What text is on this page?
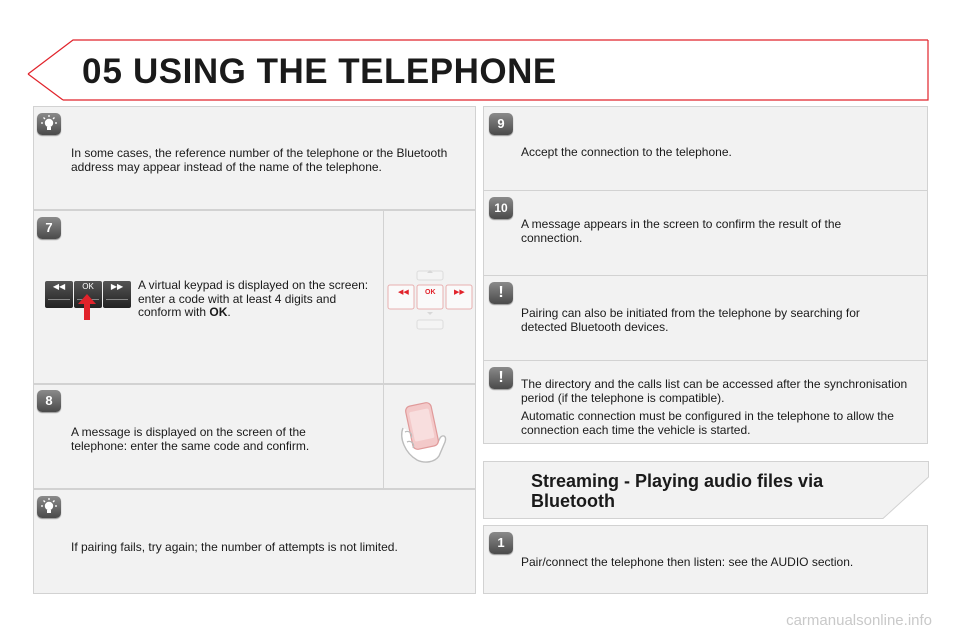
05 USING THE TELEPHONE
In some cases, the reference number of the telephone or the Bluetooth address may appear instead of the name of the telephone.
7
◀◀	OK	▶▶	A virtual keypad is displayed on the screen: enter a code with at least 4 digits and conform with OK.
◀◀ OK	▶▶
8
A message is displayed on the screen of the telephone: enter the same code and confirm.
If pairing fails, try again; the number of attempts is not limited.
9
Accept the connection to the telephone.
10
A message appears in the screen to confirm the result of the connection.
!
Pairing can also be initiated from the telephone by searching for detected Bluetooth devices.
!	The directory and the calls list can be accessed after the synchronisation period (if the telephone is compatible).

Automatic connection must be configured in the telephone to allow the connection each time the vehicle is started.

Streaming - Playing audio files via Bluetooth
1
Pair/connect the telephone then listen: see the AUDIO section.
carmanualsonline.info
